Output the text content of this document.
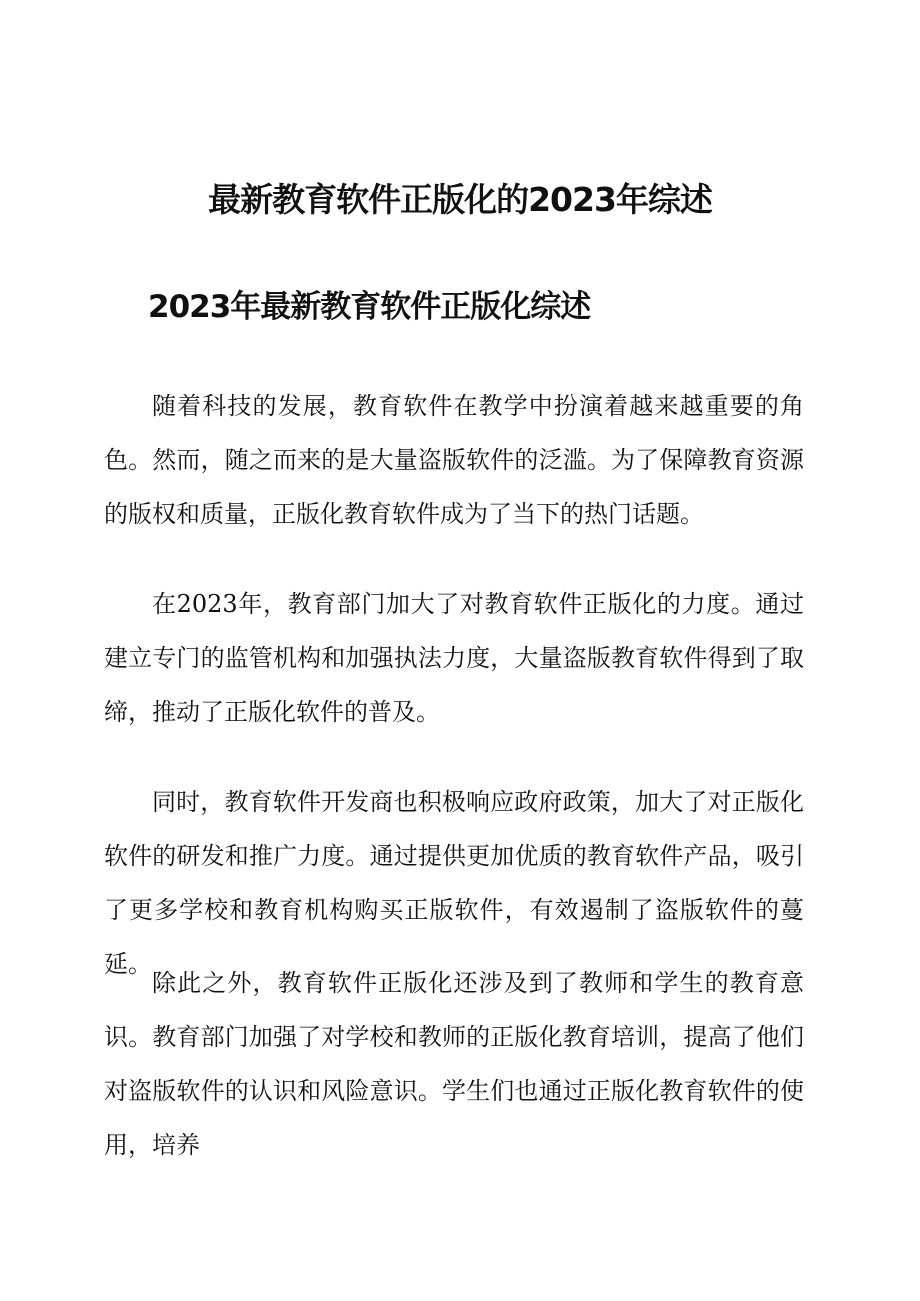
最新教育软件正版化的2023年综述
2023年最新教育软件正版化综述

随着科技的发展，教育软件在教学中扮演着越来越重要的角色。然而，随之而来的是大量盗版软件的泛滥。为了保障教育资源的版权和质量，正版化教育软件成为了当下的热门话题。

在2023年，教育部门加大了对教育软件正版化的力度。通过建立专门的监管机构和加强执法力度，大量盗版教育软件得到了取缔，推动了正版化软件的普及。

同时，教育软件开发商也积极响应政府政策，加大了对正版化软件的研发和推广力度。通过提供更加优质的教育软件产品，吸引了更多学校和教育机构购买正版软件，有效遏制了盗版软件的蔓延。

除此之外，教育软件正版化还涉及到了教师和学生的教育意识。教育部门加强了对学校和教师的正版化教育培训，提高了他们对盗版软件的认识和风险意识。学生们也通过正版化教育软件的使用，培养
